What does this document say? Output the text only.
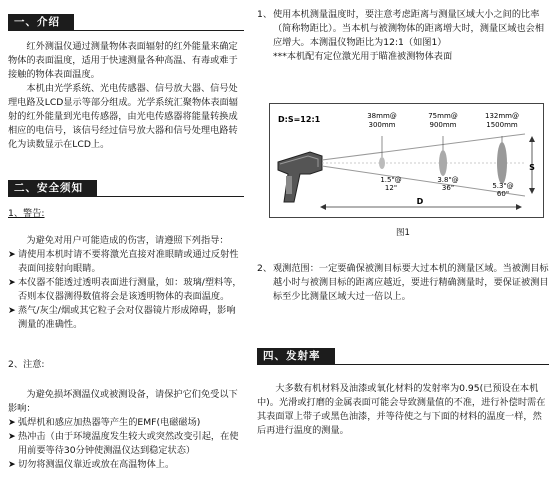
一、介绍

红外测温仪通过测量物体表面辐射的红外能量来确定物体的表面温度，适用于快速测量各种高温、有毒或难于接触的物体表面温度。

本机由光学系统、光电传感器、信号放大器、信号处理电路及LCD显示等部分组成。光学系统汇聚物体表面辐射的红外能量到光电传感器，由光电传感器将能量转换成相应的电信号，该信号经过信号放大器和信号处理电路转化为读数显示在LCD上。

二、安全须知
1、警告:

为避免对用户可能造成的伤害，请遵照下列指导：

➤ 请使用本机时请不要将激光直接对准眼睛或通过反射性表面间接射向眼睛。
➤ 本仪器不能透过透明表面进行测量，如：玻璃/塑料等，否则本仪器测得数值将会是该透明物体的表面温度。
➤ 蒸气/灰尘/烟或其它粒子会对仪器镜片形成障碍，影响测量的准确性。
2、注意:

为避免损坏测温仪或被测设备，请保护它们免受以下影响：

➤ 弧焊机和感应加热器等产生的EMF(电磁磁场)
➤ 热冲击（由于环境温度发生较大或突然改变引起，在使用前要等待30分钟使测温仪达到稳定状态）
➤ 切勿将测温仪靠近或放在高温物体上。
1、 使用本机测量温度时，要注意考虑距离与测量区域大小之间的比率（简称物距比）。当本机与被测物体的距离增大时，测量区域也会相应增大。本测温仪物距比为12:1（如图1）

***本机配有定位激光用于瞄准被测物体表面

D:S=12:1	38mm@
300mm
75mm@
900mm
132mm@
1500mm
1.5"@
12"
3.8"@
36"	5.3"@
60"
S
D
图1
2、 观测范围：一定要确保被测目标要大过本机的测量区域。当被测目标越小时与被测目标的距离应越近，要进行精确测量时，要保证被测目标至少比测量区域大过一倍以上。

四、发射率

大多数有机材料及油漆或氧化材料的发射率为0.95(已预设在本机中)。光滑或打磨的金属表面可能会导致测量值的不准，进行补偿时需在其表面罩上带子或黑色油漆，并等待使之与下面的材料的温度一样，然后再进行温度的测量。
